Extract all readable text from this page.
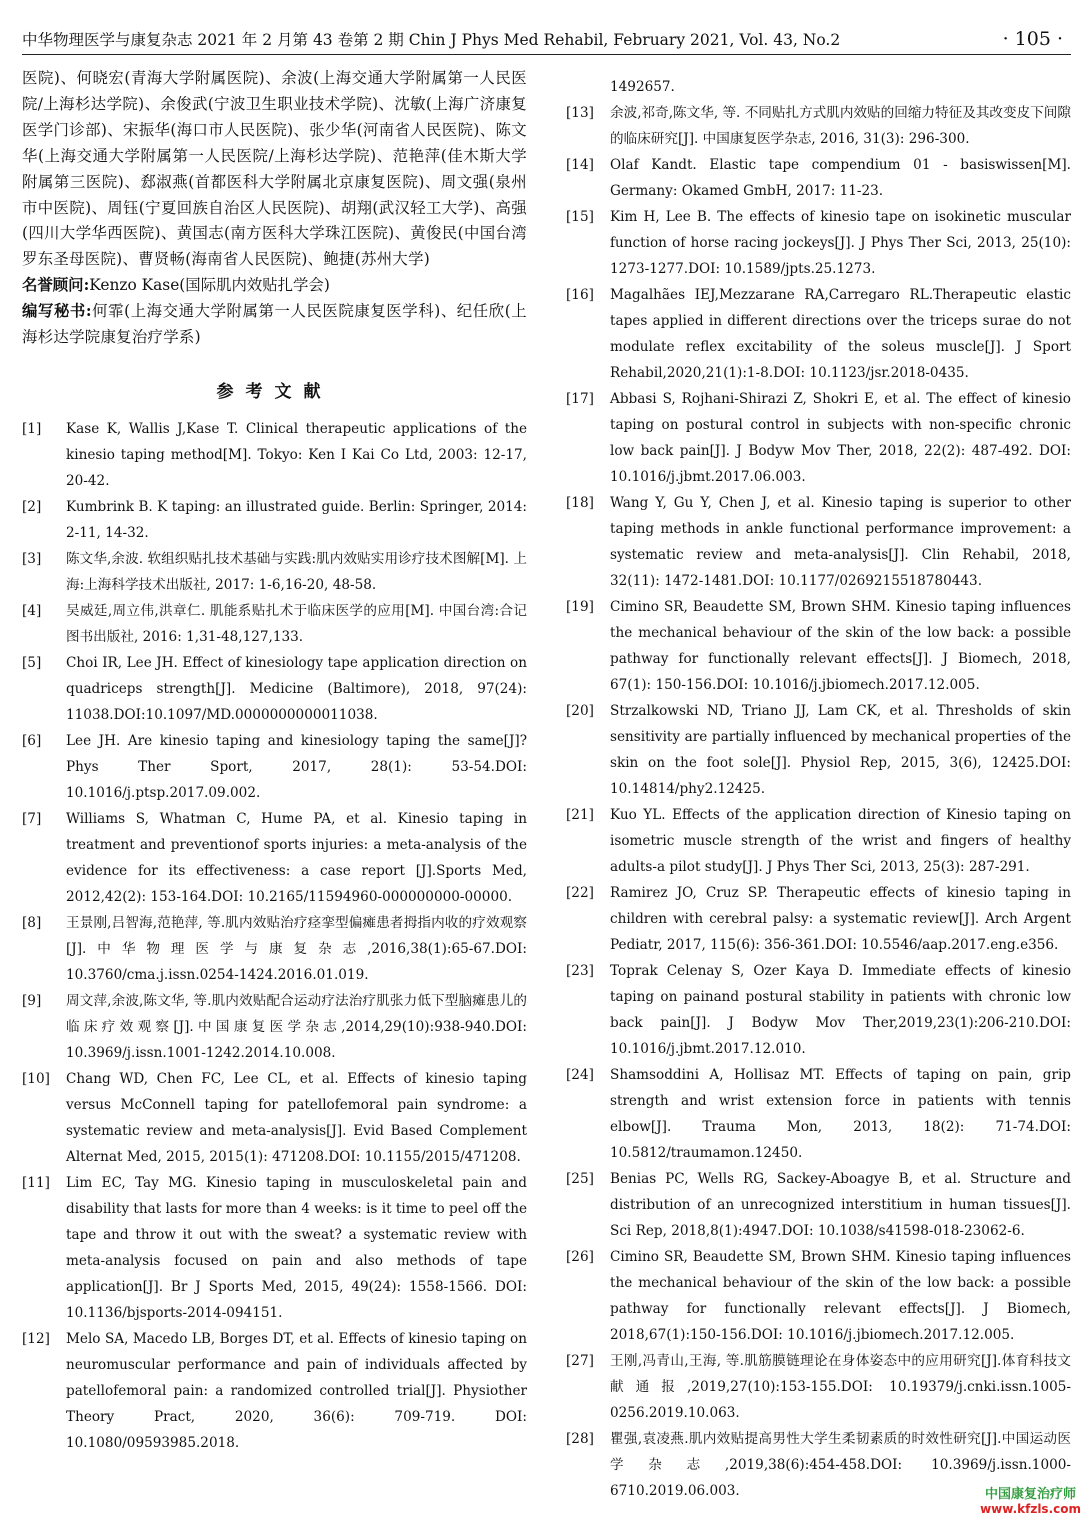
中华物理医学与康复杂志 2021 年 2 月第 43 卷第 2 期 Chin J Phys Med Rehabil, February 2021, Vol. 43, No.2	· 105 ·

医院)、何晓宏(青海大学附属医院)、余波(上海交通大学附属第一人民医院/上海杉达学院)、余俊武(宁波卫生职业技术学院)、沈敏(上海广济康复医学门诊部)、宋振华(海口市人民医院)、张少华(河南省人民医院)、陈文华(上海交通大学附属第一人民医院/上海杉达学院)、范艳萍(佳木斯大学附属第三医院)、郄淑燕(首都医科大学附属北京康复医院)、周文强(泉州市中医院)、周钰(宁夏回族自治区人民医院)、胡翔(武汉轻工大学)、高强(四川大学华西医院)、黄国志(南方医科大学珠江医院)、黄俊民(中国台湾罗东圣母医院)、曹贤畅(海南省人民医院)、鲍捷(苏州大学)

名誉顾问:Kenzo Kase(国际肌内效贴扎学会)

编写秘书:何霏(上海交通大学附属第一人民医院康复医学科)、纪任欣(上海杉达学院康复治疗学系)

参考文献
[1]	Kase K, Wallis J,Kase T. Clinical therapeutic applications of the kinesio taping method[M]. Tokyo: Ken I Kai Co Ltd, 2003: 12-17, 20-42.
[2]	Kumbrink B. K taping: an illustrated guide. Berlin: Springer, 2014: 2-11, 14-32.
[3]	陈文华,余波. 软组织贴扎技术基础与实践:肌内效贴实用诊疗技术图解[M]. 上海:上海科学技术出版社, 2017: 1-6,16-20, 48-58.
[4]	吴威廷,周立伟,洪章仁. 肌能系贴扎术于临床医学的应用[M]. 中国台湾:合记图书出版社, 2016: 1,31-48,127,133.
[5]	Choi IR, Lee JH. Effect of kinesiology tape application direction on quadriceps strength[J]. Medicine (Baltimore), 2018, 97(24): 11038.DOI:10.1097/MD.0000000000011038.
[6]	Lee JH. Are kinesio taping and kinesiology taping the same[J]? Phys Ther Sport, 2017, 28(1): 53-54.DOI: 10.1016/j.ptsp.2017.09.002.
[7]	Williams S, Whatman C, Hume PA, et al. Kinesio taping in treatment and preventionof sports injuries: a meta-analysis of the evidence for its effectiveness: a case report [J].Sports Med, 2012,42(2): 153-164.DOI: 10.2165/11594960-000000000-00000.
[8]	王景刚,吕智海,范艳萍, 等.肌内效贴治疗痉挛型偏瘫患者拇指内收的疗效观察[J].中华物理医学与康复杂志,2016,38(1):65-67.DOI: 10.3760/cma.j.issn.0254-1424.2016.01.019.
[9]	周文萍,余波,陈文华, 等.肌内效贴配合运动疗法治疗肌张力低下型脑瘫患儿的临床疗效观察[J].中国康复医学杂志,2014,29(10):938-940.DOI: 10.3969/j.issn.1001-1242.2014.10.008.
[10]	Chang WD, Chen FC, Lee CL, et al. Effects of kinesio taping versus McConnell taping for patellofemoral pain syndrome: a systematic review and meta-analysis[J]. Evid Based Complement Alternat Med, 2015, 2015(1): 471208.DOI: 10.1155/2015/471208.
[11]	Lim EC, Tay MG. Kinesio taping in musculoskeletal pain and disability that lasts for more than 4 weeks: is it time to peel off the tape and throw it out with the sweat? a systematic review with meta-analysis focused on pain and also methods of tape application[J]. Br J Sports Med, 2015, 49(24): 1558-1566. DOI: 10.1136/bjsports-2014-094151.
[12]	Melo SA, Macedo LB, Borges DT, et al. Effects of kinesio taping on neuromuscular performance and pain of individuals affected by patellofemoral pain: a randomized controlled trial[J]. Physiother Theory Pract, 2020, 36(6): 709-719. DOI: 10.1080/09593985.2018.
1492657.
[13]	余波,祁奇,陈文华, 等. 不同贴扎方式肌内效贴的回缩力特征及其改变皮下间隙的临床研究[J]. 中国康复医学杂志, 2016, 31(3): 296-300.
[14]	Olaf Kandt. Elastic tape compendium 01 - basiswissen[M]. Germany: Okamed GmbH, 2017: 11-23.
[15]	Kim H, Lee B. The effects of kinesio tape on isokinetic muscular function of horse racing jockeys[J]. J Phys Ther Sci, 2013, 25(10): 1273-1277.DOI: 10.1589/jpts.25.1273.
[16]	Magalhães IEJ,Mezzarane RA,Carregaro RL.Therapeutic elastic tapes applied in different directions over the triceps surae do not modulate reflex excitability of the soleus muscle[J]. J Sport Rehabil,2020,21(1):1-8.DOI: 10.1123/jsr.2018-0435.
[17]	Abbasi S, Rojhani-Shirazi Z, Shokri E, et al. The effect of kinesio taping on postural control in subjects with non-specific chronic low back pain[J]. J Bodyw Mov Ther, 2018, 22(2): 487-492. DOI: 10.1016/j.jbmt.2017.06.003.
[18]	Wang Y, Gu Y, Chen J, et al. Kinesio taping is superior to other taping methods in ankle functional performance improvement: a systematic review and meta-analysis[J]. Clin Rehabil, 2018, 32(11): 1472-1481.DOI: 10.1177/0269215518780443.
[19]	Cimino SR, Beaudette SM, Brown SHM. Kinesio taping influences the mechanical behaviour of the skin of the low back: a possible pathway for functionally relevant effects[J]. J Biomech, 2018, 67(1): 150-156.DOI: 10.1016/j.jbiomech.2017.12.005.
[20]	Strzalkowski ND, Triano JJ, Lam CK, et al. Thresholds of skin sensitivity are partially influenced by mechanical properties of the skin on the foot sole[J]. Physiol Rep, 2015, 3(6), 12425.DOI: 10.14814/phy2.12425.
[21]	Kuo YL. Effects of the application direction of Kinesio taping on isometric muscle strength of the wrist and fingers of healthy adults-a pilot study[J]. J Phys Ther Sci, 2013, 25(3): 287-291.
[22]	Ramirez JO, Cruz SP. Therapeutic effects of kinesio taping in children with cerebral palsy: a systematic review[J]. Arch Argent Pediatr, 2017, 115(6): 356-361.DOI: 10.5546/aap.2017.eng.e356.
[23]	Toprak Celenay S, Ozer Kaya D. Immediate effects of kinesio taping on painand postural stability in patients with chronic low back pain[J]. J Bodyw Mov Ther,2019,23(1):206-210.DOI: 10.1016/j.jbmt.2017.12.010.
[24]	Shamsoddini A, Hollisaz MT. Effects of taping on pain, grip strength and wrist extension force in patients with tennis elbow[J]. Trauma Mon, 2013, 18(2): 71-74.DOI: 10.5812/traumamon.12450.
[25]	Benias PC, Wells RG, Sackey-Aboagye B, et al. Structure and distribution of an unrecognized interstitium in human tissues[J]. Sci Rep, 2018,8(1):4947.DOI: 10.1038/s41598-018-23062-6.
[26]	Cimino SR, Beaudette SM, Brown SHM. Kinesio taping influences the mechanical behaviour of the skin of the low back: a possible pathway for functionally relevant effects[J]. J Biomech, 2018,67(1):150-156.DOI: 10.1016/j.jbiomech.2017.12.005.
[27]	王刚,冯青山,王海, 等.肌筋膜链理论在身体姿态中的应用研究[J].体育科技文献通报,2019,27(10):153-155.DOI: 10.19379/j.cnki.issn.1005-0256.2019.10.063.
[28]	瞿强,袁凌燕.肌内效贴提高男性大学生柔韧素质的时效性研究[J].中国运动医学杂志,2019,38(6):454-458.DOI: 10.3969/j.issn.1000-6710.2019.06.003.	中国康复治疗师
www.kfzls.com
